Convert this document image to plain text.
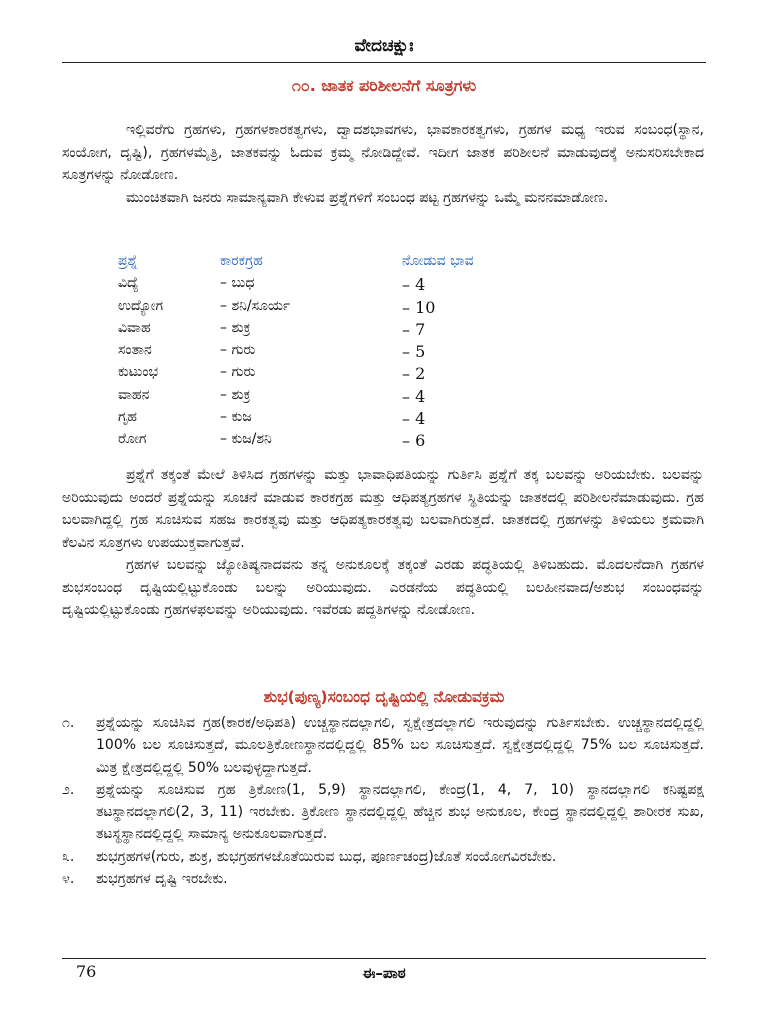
ವೇದಚಕ್ಷುಃ
೧೦. ಜಾತಕ ಪರಿಶೀಲನೆಗೆ ಸೂತ್ರಗಳು

ಇಲ್ಲಿವರೆಗು ಗ್ರಹಗಳು, ಗ್ರಹಗಳಕಾರಕತ್ವಗಳು, ದ್ವಾದಶಭಾವಗಳು, ಭಾವಕಾರಕತ್ವಗಳು, ಗ್ರಹಗಳ ಮಧ್ಯ ಇರುವ ಸಂಬಂಧ(ಸ್ಥಾನ, ಸಂಯೋಗ, ದೃಷ್ಟಿ), ಗ್ರಹಗಳಮೈತ್ರಿ, ಜಾತಕವನ್ನು ಓದುವ ಕ್ರಮ್ಮ ನೋಡಿದ್ದೇವೆ. ಇದೀಗ ಜಾತಕ ಪರಿಶೀಲನೆ ಮಾಡುವುದಕ್ಕೆ ಅನುಸರಿಸಬೇಕಾದ ಸೂತ್ರಗಳನ್ನು ನೋಡೋಣ.

ಮುಂಚಿತವಾಗಿ ಜನರು ಸಾಮಾನ್ಯವಾಗಿ ಕೇಳುವ ಪ್ರಶ್ನೆಗಳಿಗೆ ಸಂಬಂಧ ಪಟ್ಟ ಗ್ರಹಗಳನ್ನು ಒಮ್ಮೆ ಮನನಮಾಡೋಣ.

ಪ್ರಶ್ನೆ	ಕಾರಕಗ್ರಹ	ನೋಡುವ ಭಾವ
ವಿದ್ಯೆ	– ಬುಧ	– 4
ಉದ್ಯೋಗ	– ಶನಿ/ಸೂರ್ಯ	– 10
ವಿವಾಹ	– ಶುಕ್ರ	– 7
ಸಂತಾನ	– ಗುರು	– 5
ಕುಟುಂಭ	– ಗುರು	– 2
ವಾಹನ	– ಶುಕ್ರ	– 4
ಗೃಹ	– ಕುಜ	– 4
ರೋಗ	– ಕುಜ/ಶನಿ	– 6

ಪ್ರಶ್ನೆಗೆ ತಕ್ಕಂತೆ ಮೇಲೆ ತಿಳಿಸಿದ ಗ್ರಹಗಳನ್ನು ಮತ್ತು ಭಾವಾಧಿಪತಿಯನ್ನು ಗುರ್ತಿಸಿ ಪ್ರಶ್ನೆಗೆ ತಕ್ಕ ಬಲವನ್ನು ಅರಿಯಬೇಕು. ಬಲವನ್ನು ಅರಿಯುವುದು ಅಂದರೆ ಪ್ರಶ್ನೆಯನ್ನು ಸೂಚನೆ ಮಾಡುವ ಕಾರಕಗ್ರಹ ಮತ್ತು ಆಧಿಪತ್ಯಗ್ರಹಗಳ ಸ್ಥಿತಿಯನ್ನು ಜಾತಕದಲ್ಲಿ ಪರಿಶೀಲನೆಮಾಡುವುದು. ಗ್ರಹ ಬಲವಾಗಿದ್ದಲ್ಲಿ ಗ್ರಹ ಸೂಚಿಸುವ ಸಹಜ ಕಾರಕತ್ವವು ಮತ್ತು ಆಧಿಪತ್ಯಕಾರಕತ್ವವು ಬಲವಾಗಿರುತ್ತದೆ. ಜಾತಕದಲ್ಲಿ ಗ್ರಹಗಳನ್ನು ತಿಳಿಯಲು ಕ್ರಮವಾಗಿ ಕೆಲವಿನ ಸೂತ್ರಗಳು ಉಪಯುಕ್ತವಾಗುತ್ತವೆ.

ಗ್ರಹಗಳ ಬಲವನ್ನು ಜ್ಯೋತಿಷ್ಯನಾದವನು ತನ್ನ ಅನುಕೂಲಕ್ಕೆ ತಕ್ಕಂತೆ ಎರಡು ಪದ್ಧತಿಯಲ್ಲಿ ತಿಳಿಬಹುದು. ಮೊದಲನೆದಾಗಿ ಗ್ರಹಗಳ ಶುಭಸಂಬಂಧ ದೃಷ್ಟಿಯಲ್ಲಿಟ್ಟುಕೊಂಡು ಬಲನ್ನು ಅರಿಯುವುದು. ಎರಡನೆಯ ಪದ್ಧತಿಯಲ್ಲಿ ಬಲಹೀನವಾದ/ಅಶುಭ ಸಂಬಂಧವನ್ನು ದೃಷ್ಟಿಯಲ್ಲಿಟ್ಟುಕೊಂಡು ಗ್ರಹಗಳಫಲವನ್ನು ಅರಿಯುವುದು. ಇವೆರಡು ಪದ್ದತಿಗಳನ್ನು ನೋಡೋಣ.

ಶುಭ(ಪುಣ್ಯ)ಸಂಬಂಧ ದೃಷ್ಟಿಯಲ್ಲಿ ನೋಡುವಕ್ರಮ
೧. ಪ್ರಶ್ನೆಯನ್ನು ಸೂಚಿಸಿವ ಗ್ರಹ(ಕಾರಕ/ಅಧಿಪತಿ) ಉಚ್ಚಸ್ಥಾನದಲ್ಲಾಗಲಿ, ಸ್ವಕ್ಷೇತ್ರದಲ್ಲಾಗಲಿ ಇರುವುದನ್ನು ಗುರ್ತಿಸಬೇಕು. ಉಚ್ಚಸ್ಥಾನದಲ್ಲಿದ್ದಲ್ಲಿ 100% ಬಲ ಸೂಚಿಸುತ್ತದೆ, ಮೂಲತ್ರಿಕೋಣಸ್ಥಾನದಲ್ಲಿದ್ದಲ್ಲಿ 85% ಬಲ ಸೂಚಿಸುತ್ತದೆ. ಸ್ವಕ್ಷೇತ್ರದಲ್ಲಿದ್ದಲ್ಲಿ 75% ಬಲ ಸೂಚಿಸುತ್ತದೆ. ಮಿತ್ರ ಕ್ಷೇತ್ರದಲ್ಲಿದ್ದಲ್ಲಿ 50% ಬಲವುಳ್ಳದ್ದಾಗುತ್ತದೆ.
೨. ಪ್ರಶ್ನೆಯನ್ನು ಸೂಚಿಸುವ ಗ್ರಹ ತ್ರಿಕೋಣ(1, 5,9) ಸ್ಥಾನದಲ್ಲಾಗಲಿ, ಕೇಂದ್ರ(1, 4, 7, 10) ಸ್ಥಾನದಲ್ಲಾಗಲಿ ಕನಿಷ್ಟಪಕ್ಷ ತಟಸ್ಥಾನದಲ್ಲಾಗಲಿ(2, 3, 11) ಇರಬೇಕು. ತ್ರಿಕೋಣ ಸ್ಥಾನದಲ್ಲಿದ್ದಲ್ಲಿ ಹೆಚ್ಚಿನ ಶುಭ ಅನುಕೂಲ, ಕೇಂದ್ರ ಸ್ಥಾನದಲ್ಲಿದ್ದಲ್ಲಿ ಶಾರೀರಕ ಸುಖ, ತಟಸ್ಥಸ್ಥಾನದಲ್ಲಿದ್ದಲ್ಲಿ ಸಾಮಾನ್ಯ ಅನುಕೂಲವಾಗುತ್ತದೆ.
೩. ಶುಭಗ್ರಹಗಳ(ಗುರು, ಶುಕ್ರ, ಶುಭಗ್ರಹಗಳಜೊತೆಯಿರುವ ಬುಧ, ಪೂರ್ಣಚಂದ್ರ)ಜೊತೆ ಸಂಯೋಗವಿರಬೇಕು.
೪. ಶುಭಗ್ರಹಗಳ ದೃಷ್ಟಿ ಇರಬೇಕು.
76	ಈ–ಪಾಠ
